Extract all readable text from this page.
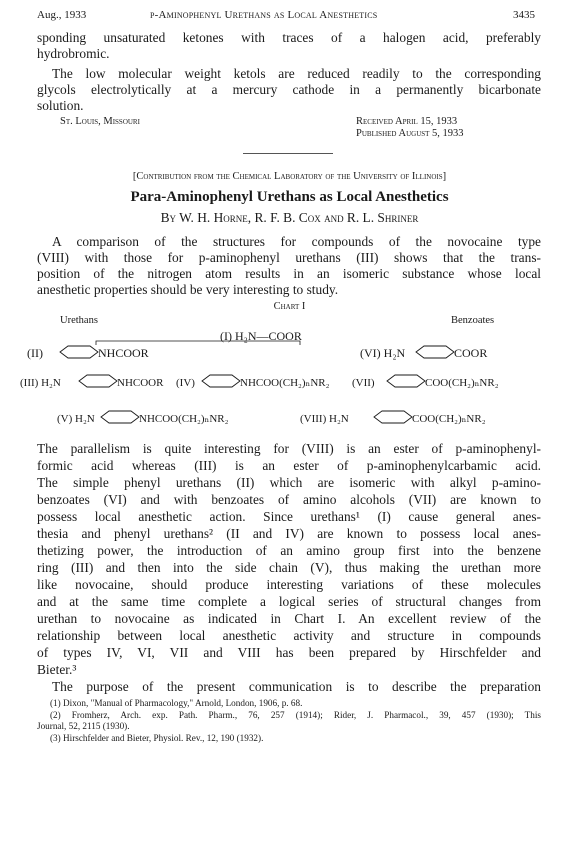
Aug., 1933	p-Aminophenyl Urethans as Local Anesthetics	3435
sponding unsaturated ketones with traces of a halogen acid, preferably
hydrobromic.
The low molecular weight ketols are reduced readily to the corresponding
glycols electrolytically at a mercury cathode in a permanently bicarbonate
solution.
St. Louis, Missouri	Received April 15, 1933
Published August 5, 1933
[Contribution from the Chemical Laboratory of the University of Illinois]
Para-Aminophenyl Urethans as Local Anesthetics
By W. H. Horne, R. F. B. Cox and R. L. Shriner
A comparison of the structures for compounds of the novocaine type
(VIII) with those for p-aminophenyl urethans (III) shows that the trans-
position of the nitrogen atom results in an isomeric substance whose local
anesthetic properties should be very interesting to study.
Chart I
Urethans	Benzoates
(I) H₂N—COOR
(II)	NHCOOR	(VI) H₂N	COOR
(III) H₂N	NHCOOR (IV)	NHCOO(CH₂)ₙNR₂ (VII)	COO(CH₂)ₙNR₂
(V) H₂N	NHCOO(CH₂)ₙNR₂	(VIII) H₂N	COO(CH₂)ₙNR₂
The parallelism is quite interesting for (VIII) is an ester of p-aminophenyl-
formic acid whereas (III) is an ester of p-aminophenylcarbamic acid.
The simple phenyl urethans (II) which are isomeric with alkyl p-amino-
benzoates (VI) and with benzoates of amino alcohols (VII) are known to
possess local anesthetic action. Since urethans¹ (I) cause general anes-
thesia and phenyl urethans² (II and IV) are known to possess local anes-
thetizing power, the introduction of an amino group first into the benzene
ring (III) and then into the side chain (V), thus making the urethan more
like novocaine, should produce interesting variations of these molecules
and at the same time complete a logical series of structural changes from
urethan to novocaine as indicated in Chart I. An excellent review of the
relationship between local anesthetic activity and structure in compounds
of types IV, VI, VII and VIII has been prepared by Hirschfelder and
Bieter.³
The purpose of the present communication is to describe the preparation
(1) Dixon, "Manual of Pharmacology," Arnold, London, 1906, p. 68.
(2) Fromherz, Arch. exp. Path. Pharm., 76, 257 (1914); Rider, J. Pharmacol., 39, 457 (1930); This
Journal, 52, 2115 (1930).
(3) Hirschfelder and Bieter, Physiol. Rev., 12, 190 (1932).
